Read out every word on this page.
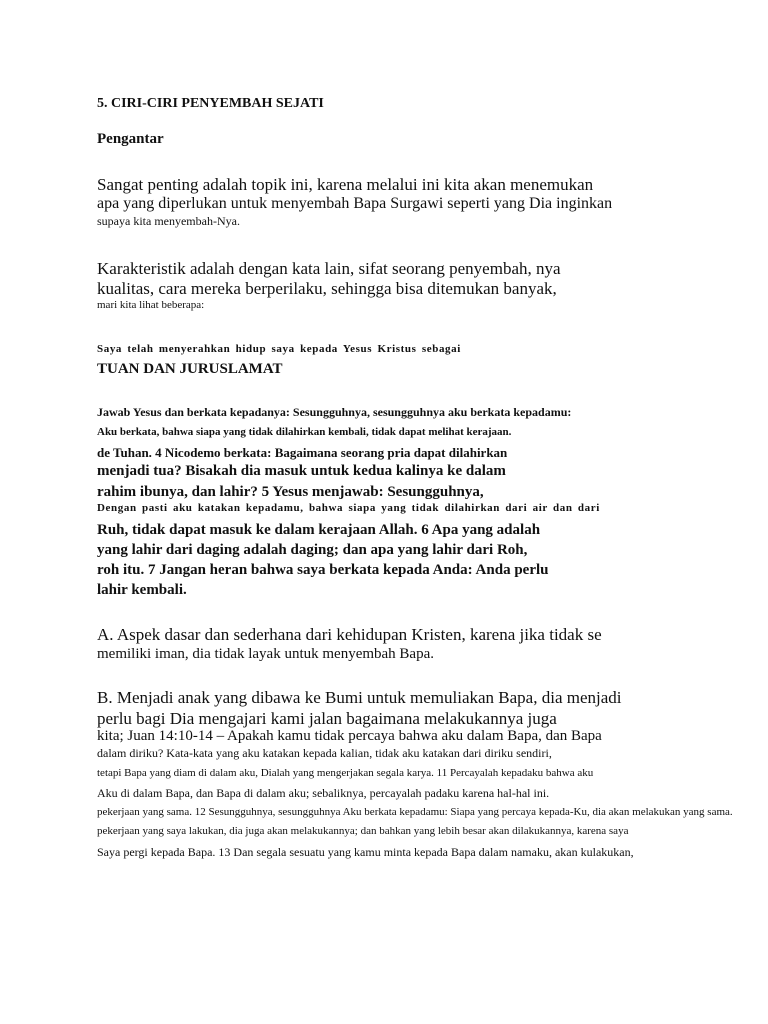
5. CIRI-CIRI PENYEMBAH SEJATI
Pengantar
Sangat penting adalah topik ini, karena melalui ini kita akan menemukan
apa yang diperlukan untuk menyembah Bapa Surgawi seperti yang Dia inginkan
supaya kita menyembah-Nya.
Karakteristik adalah dengan kata lain, sifat seorang penyembah, nya
kualitas, cara mereka berperilaku, sehingga bisa ditemukan banyak,
mari kita lihat beberapa:
Saya telah menyerahkan hidup saya kepada Yesus Kristus sebagai
TUAN DAN JURUSLAMAT
Jawab Yesus dan berkata kepadanya: Sesungguhnya, sesungguhnya aku berkata kepadamu:
Aku berkata, bahwa siapa yang tidak dilahirkan kembali, tidak dapat melihat kerajaan.
de Tuhan. 4 Nicodemo berkata: Bagaimana seorang pria dapat dilahirkan
menjadi tua? Bisakah dia masuk untuk kedua kalinya ke dalam
rahim ibunya, dan lahir? 5 Yesus menjawab: Sesungguhnya,
Dengan pasti aku katakan kepadamu, bahwa siapa yang tidak dilahirkan dari air dan dari
Ruh, tidak dapat masuk ke dalam kerajaan Allah. 6 Apa yang adalah
yang lahir dari daging adalah daging; dan apa yang lahir dari Roh,
roh itu. 7 Jangan heran bahwa saya berkata kepada Anda: Anda perlu
lahir kembali.
A. Aspek dasar dan sederhana dari kehidupan Kristen, karena jika tidak se
memiliki iman, dia tidak layak untuk menyembah Bapa.
B. Menjadi anak yang dibawa ke Bumi untuk memuliakan Bapa, dia menjadi
perlu bagi Dia mengajari kami jalan bagaimana melakukannya juga
kita; Juan 14:10-14 – Apakah kamu tidak percaya bahwa aku dalam Bapa, dan Bapa
dalam diriku? Kata-kata yang aku katakan kepada kalian, tidak aku katakan dari diriku sendiri,
tetapi Bapa yang diam di dalam aku, Dialah yang mengerjakan segala karya. 11 Percayalah kepadaku bahwa aku
Aku di dalam Bapa, dan Bapa di dalam aku; sebaliknya, percayalah padaku karena hal-hal ini.
pekerjaan yang sama. 12 Sesungguhnya, sesungguhnya Aku berkata kepadamu: Siapa yang percaya kepada-Ku, dia akan melakukan yang sama.
pekerjaan yang saya lakukan, dia juga akan melakukannya; dan bahkan yang lebih besar akan dilakukannya, karena saya
Saya pergi kepada Bapa. 13 Dan segala sesuatu yang kamu minta kepada Bapa dalam namaku, akan kulakukan,
